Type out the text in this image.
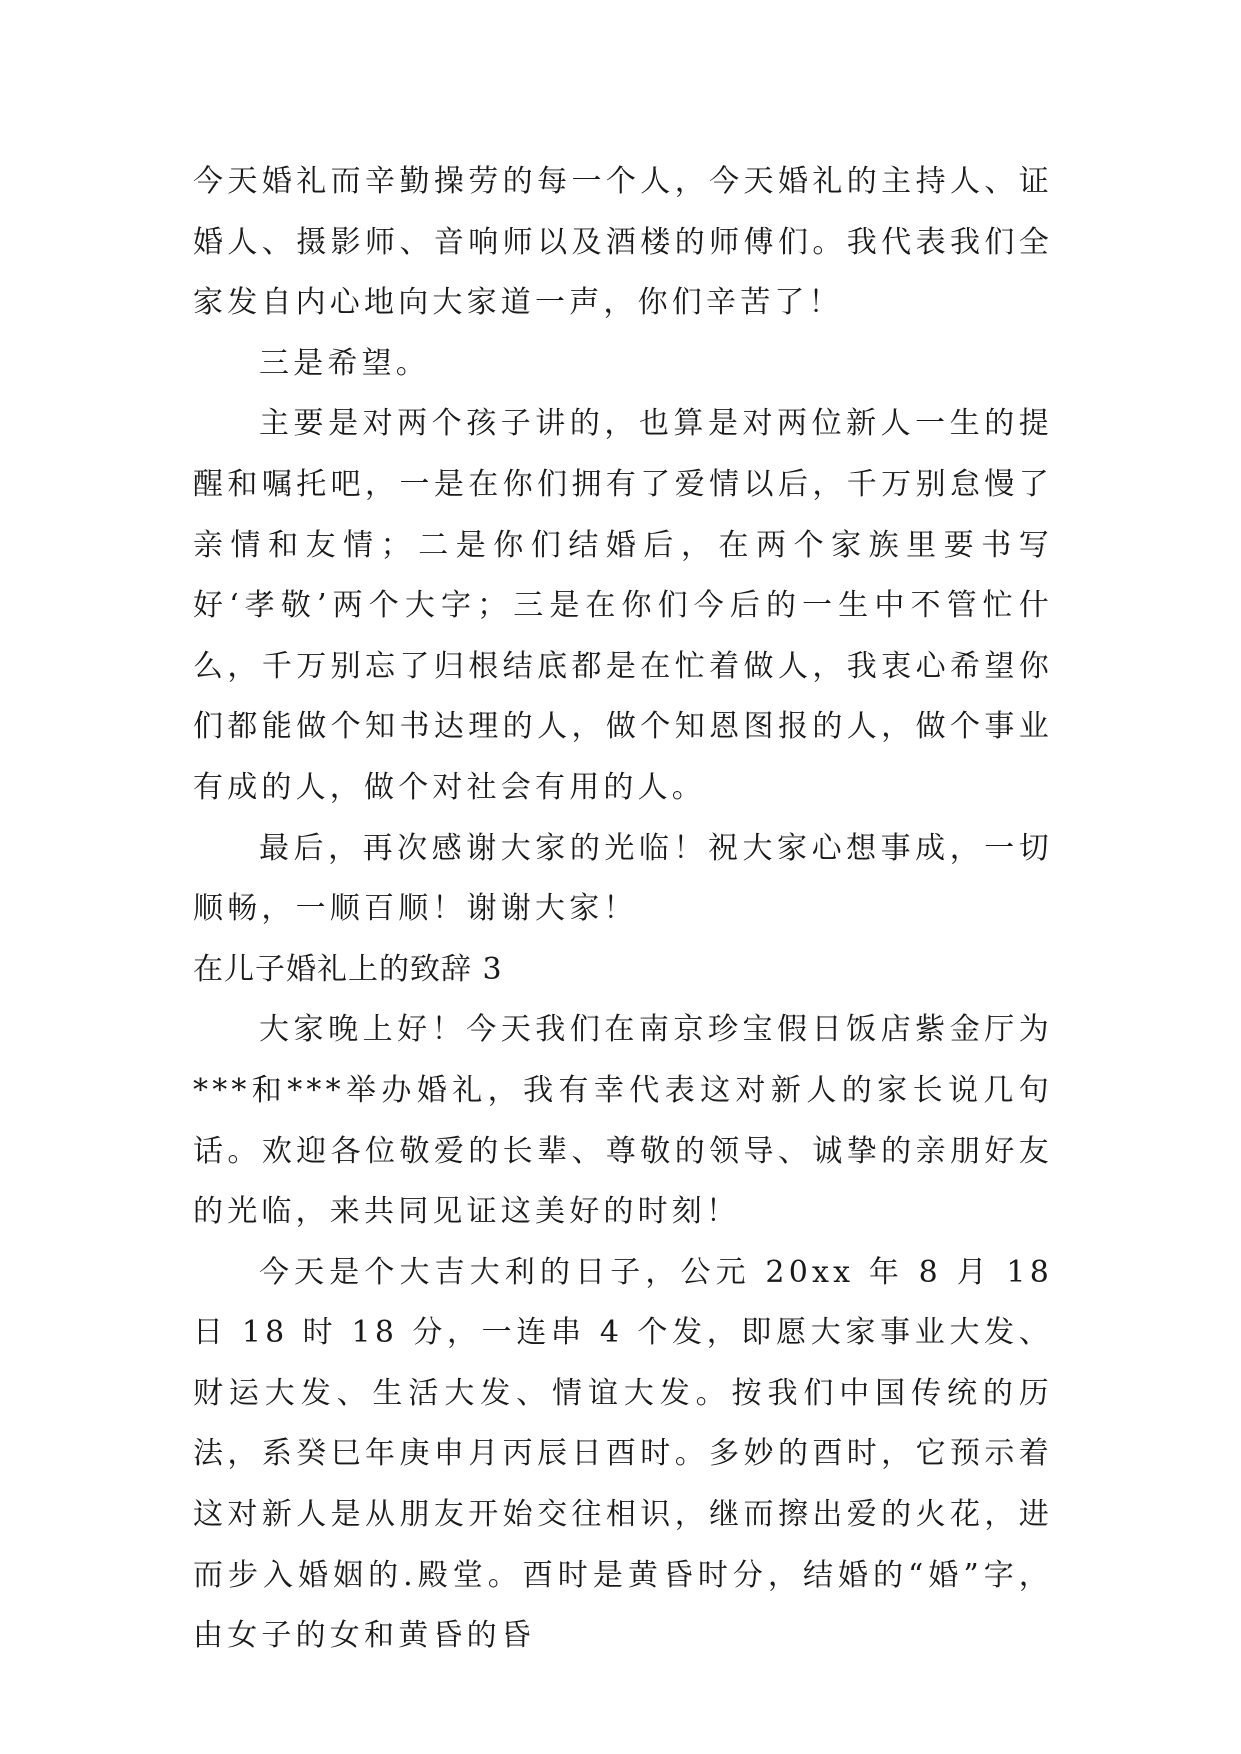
今天婚礼而辛勤操劳的每一个人，今天婚礼的主持人、证婚人、摄影师、音响师以及酒楼的师傅们。我代表我们全家发自内心地向大家道一声，你们辛苦了！

三是希望。

主要是对两个孩子讲的，也算是对两位新人一生的提醒和嘱托吧，一是在你们拥有了爱情以后，千万别怠慢了亲情和友情；二是你们结婚后，在两个家族里要书写好‘孝敬’两个大字；三是在你们今后的一生中不管忙什么，千万别忘了归根结底都是在忙着做人，我衷心希望你们都能做个知书达理的人，做个知恩图报的人，做个事业有成的人，做个对社会有用的人。

最后，再次感谢大家的光临！祝大家心想事成，一切顺畅，一顺百顺！谢谢大家！

在儿子婚礼上的致辞 3

大家晚上好！今天我们在南京珍宝假日饭店紫金厅为***和***举办婚礼，我有幸代表这对新人的家长说几句话。欢迎各位敬爱的长辈、尊敬的领导、诚挚的亲朋好友的光临，来共同见证这美好的时刻！

今天是个大吉大利的日子，公元 20xx 年 8 月 18 日 18 时 18 分，一连串 4 个发，即愿大家事业大发、财运大发、生活大发、情谊大发。按我们中国传统的历法，系癸巳年庚申月丙辰日酉时。多妙的酉时，它预示着这对新人是从朋友开始交往相识，继而擦出爱的火花，进而步入婚姻的.殿堂。酉时是黄昏时分，结婚的“婚”字，由女子的女和黄昏的昏
